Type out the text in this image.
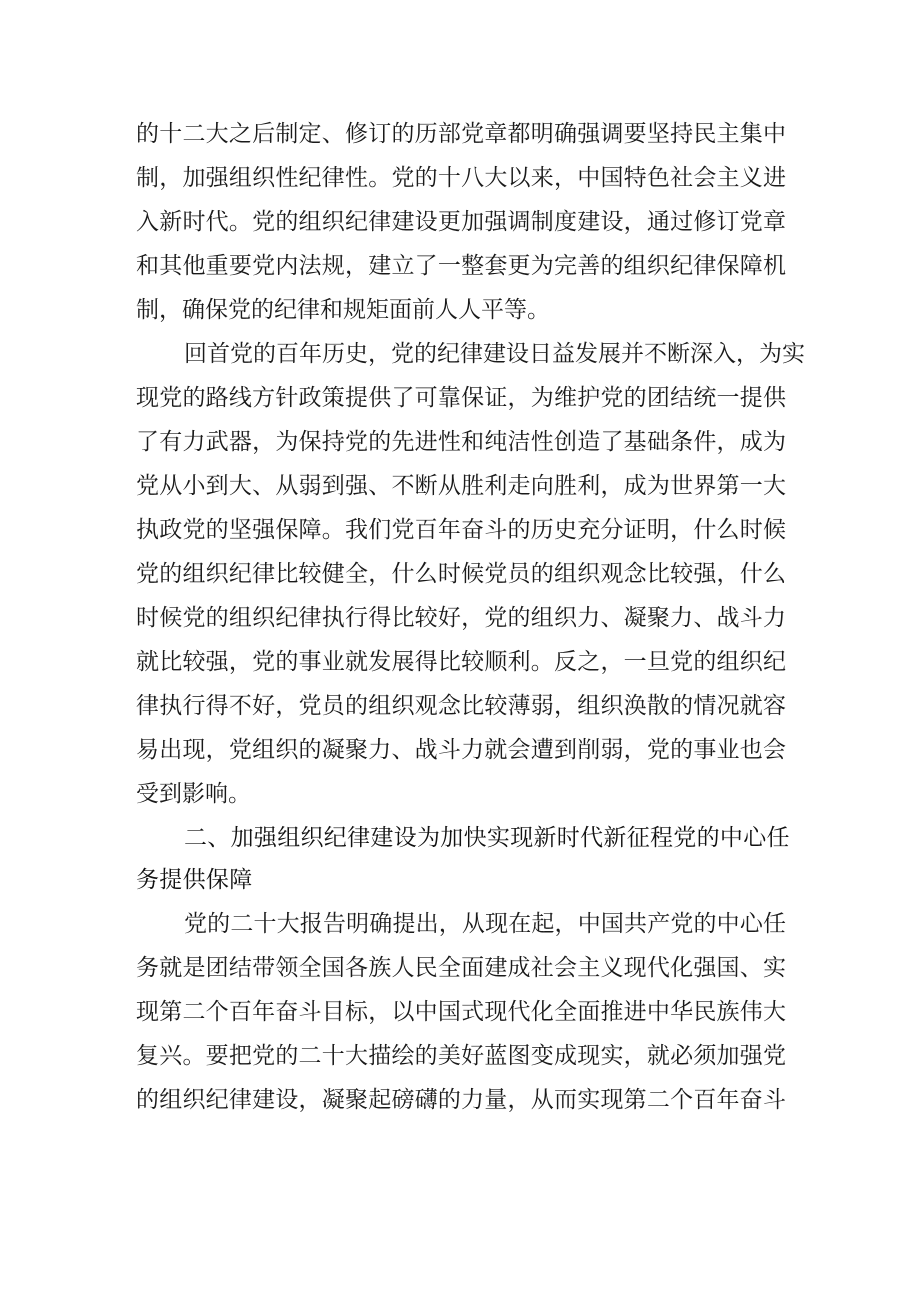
的十二大之后制定、修订的历部党章都明确强调要坚持民主集中
制，加强组织性纪律性。党的十八大以来，中国特色社会主义进
入新时代。党的组织纪律建设更加强调制度建设，通过修订党章
和其他重要党内法规，建立了一整套更为完善的组织纪律保障机
制，确保党的纪律和规矩面前人人平等。
回首党的百年历史，党的纪律建设日益发展并不断深入，为实
现党的路线方针政策提供了可靠保证，为维护党的团结统一提供
了有力武器，为保持党的先进性和纯洁性创造了基础条件，成为
党从小到大、从弱到强、不断从胜利走向胜利，成为世界第一大
执政党的坚强保障。我们党百年奋斗的历史充分证明，什么时候
党的组织纪律比较健全，什么时候党员的组织观念比较强，什么
时候党的组织纪律执行得比较好，党的组织力、凝聚力、战斗力
就比较强，党的事业就发展得比较顺利。反之，一旦党的组织纪
律执行得不好，党员的组织观念比较薄弱，组织涣散的情况就容
易出现，党组织的凝聚力、战斗力就会遭到削弱，党的事业也会
受到影响。
二、加强组织纪律建设为加快实现新时代新征程党的中心任
务提供保障
党的二十大报告明确提出，从现在起，中国共产党的中心任
务就是团结带领全国各族人民全面建成社会主义现代化强国、实
现第二个百年奋斗目标，以中国式现代化全面推进中华民族伟大
复兴。要把党的二十大描绘的美好蓝图变成现实，就必须加强党
的组织纪律建设，凝聚起磅礴的力量，从而实现第二个百年奋斗
